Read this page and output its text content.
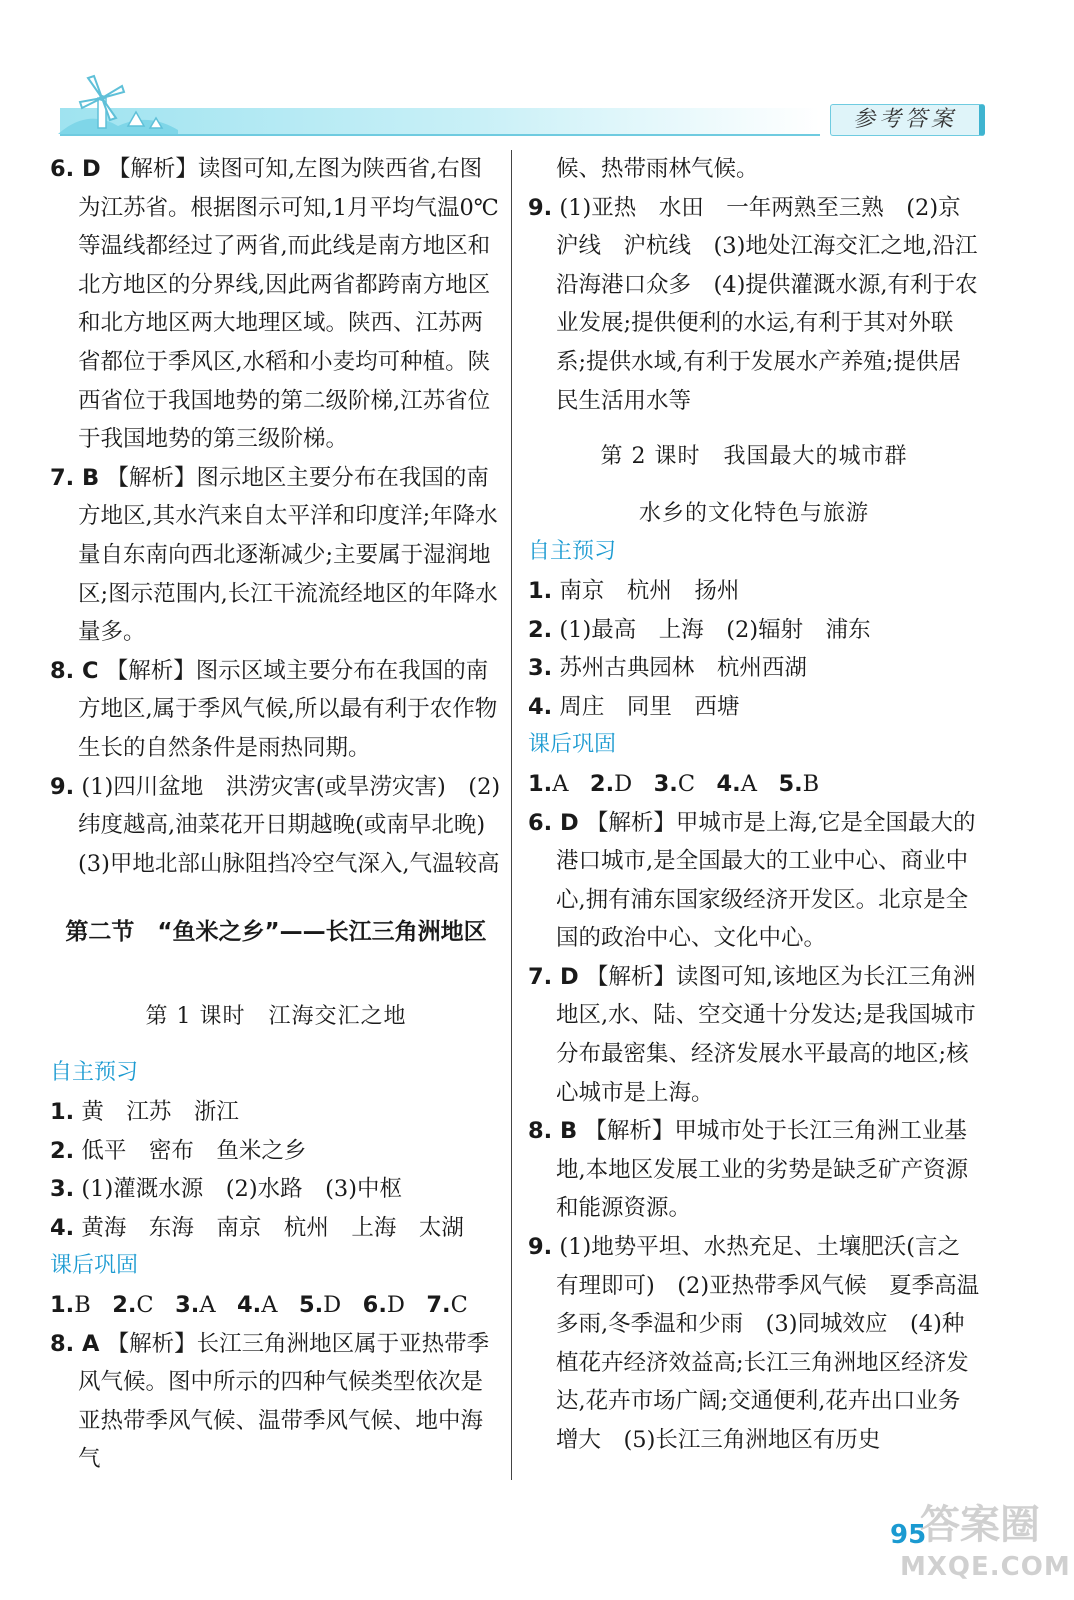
参考答案

6. D 【解析】读图可知,左图为陕西省,右图为江苏省。根据图示可知,1月平均气温0℃等温线都经过了两省,而此线是南方地区和北方地区的分界线,因此两省都跨南方地区和北方地区两大地理区域。陕西、江苏两省都位于季风区,水稻和小麦均可种植。陕西省位于我国地势的第二级阶梯,江苏省位于我国地势的第三级阶梯。

7. B 【解析】图示地区主要分布在我国的南方地区,其水汽来自太平洋和印度洋;年降水量自东南向西北逐渐减少;主要属于湿润地区;图示范围内,长江干流流经地区的年降水量多。

8. C 【解析】图示区域主要分布在我国的南方地区,属于季风气候,所以最有利于农作物生长的自然条件是雨热同期。

9. (1)四川盆地　洪涝灾害(或旱涝灾害)　(2)纬度越高,油菜花开日期越晚(或南早北晚)　(3)甲地北部山脉阻挡冷空气深入,气温较高

第二节　“鱼米之乡”——长江三角洲地区

第 1 课时　江海交汇之地

自主预习

1. 黄　江苏　浙江

2. 低平　密布　鱼米之乡

3. (1)灌溉水源　(2)水路　(3)中枢

4. 黄海　东海　南京　杭州　上海　太湖

课后巩固

1.B 2.C 3.A 4.A 5.D 6.D 7.C

8. A 【解析】长江三角洲地区属于亚热带季风气候。图中所示的四种气候类型依次是亚热带季风气候、温带季风气候、地中海气

候、热带雨林气候。

9. (1)亚热　水田　一年两熟至三熟　(2)京沪线　沪杭线　(3)地处江海交汇之地,沿江沿海港口众多　(4)提供灌溉水源,有利于农业发展;提供便利的水运,有利于其对外联系;提供水域,有利于发展水产养殖;提供居民生活用水等

第 2 课时　我国最大的城市群

水乡的文化特色与旅游

自主预习

1. 南京　杭州　扬州

2. (1)最高　上海　(2)辐射　浦东

3. 苏州古典园林　杭州西湖

4. 周庄　同里　西塘

课后巩固

1.A 2.D 3.C 4.A 5.B

6. D 【解析】甲城市是上海,它是全国最大的港口城市,是全国最大的工业中心、商业中心,拥有浦东国家级经济开发区。北京是全国的政治中心、文化中心。

7. D 【解析】读图可知,该地区为长江三角洲地区,水、陆、空交通十分发达;是我国城市分布最密集、经济发展水平最高的地区;核心城市是上海。

8. B 【解析】甲城市处于长江三角洲工业基地,本地区发展工业的劣势是缺乏矿产资源和能源资源。

9. (1)地势平坦、水热充足、土壤肥沃(言之有理即可)　(2)亚热带季风气候　夏季高温多雨,冬季温和少雨　(3)同城效应　(4)种植花卉经济效益高;长江三角洲地区经济发达,花卉市场广阔;交通便利,花卉出口业务增大　(5)长江三角洲地区有历史

95
答案圈
MXQE.COM
